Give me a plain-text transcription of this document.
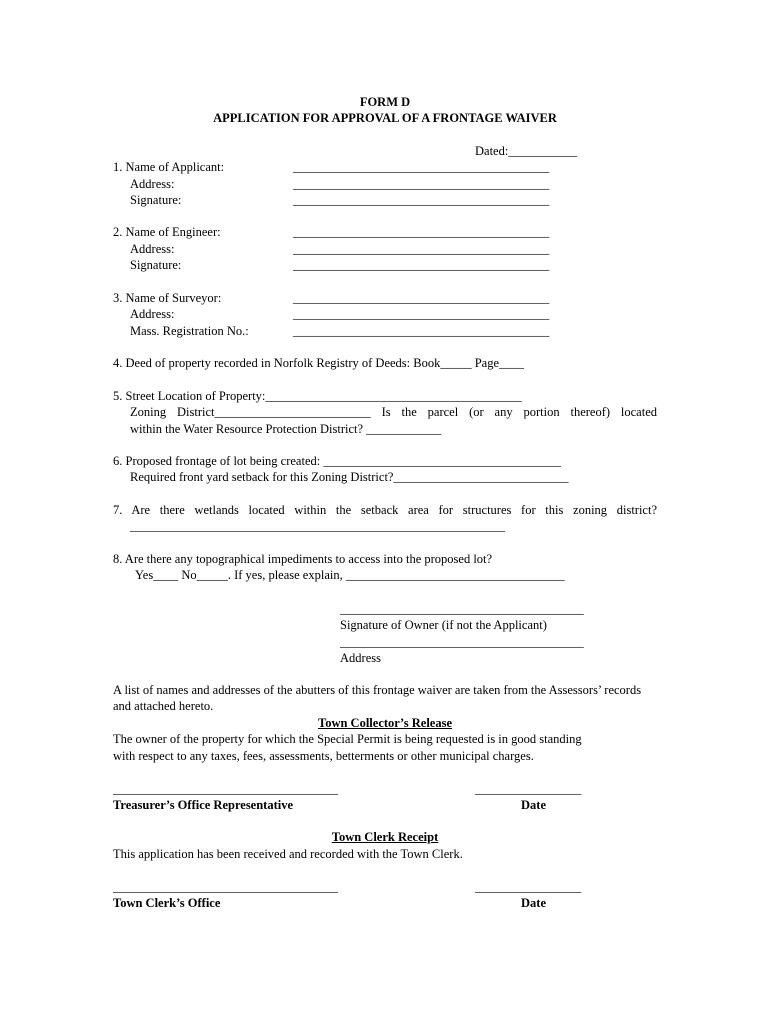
FORM D
APPLICATION FOR APPROVAL OF A FRONTAGE WAIVER
Dated:___________
1. Name of Applicant:
Address:
Signature:
_________________________________________
_________________________________________
_________________________________________
2. Name of Engineer:
Address:
Signature:
_________________________________________
_________________________________________
_________________________________________
3. Name of Surveyor:
Address:
Mass. Registration No.:
_________________________________________
_________________________________________
_________________________________________
4. Deed of property recorded in Norfolk Registry of Deeds: Book_____ Page____
5. Street Location of Property:_________________________________________
Zoning District_________________________ Is the parcel (or any portion thereof) located
within the Water Resource Protection District? ____________
6. Proposed frontage of lot being created: ______________________________________
Required front yard setback for this Zoning District?____________________________
7. Are there wetlands located within the setback area for structures for this zoning district?
____________________________________________________________
8. Are there any topographical impediments to access into the proposed lot?
Yes____ No_____. If yes, please explain, ___________________________________
_______________________________________
Signature of Owner (if not the Applicant)
_______________________________________
Address
A list of names and addresses of the abutters of this frontage waiver are taken from the Assessors’ records and attached hereto.
Town Collector’s Release
The owner of the property for which the Special Permit is being requested is in good standing
with respect to any taxes, fees, assessments, betterments or other municipal charges.
____________________________________
Treasurer’s Office Representative
_________________
Date
Town Clerk Receipt
This application has been received and recorded with the Town Clerk.
____________________________________
Town Clerk’s Office
_________________
Date
